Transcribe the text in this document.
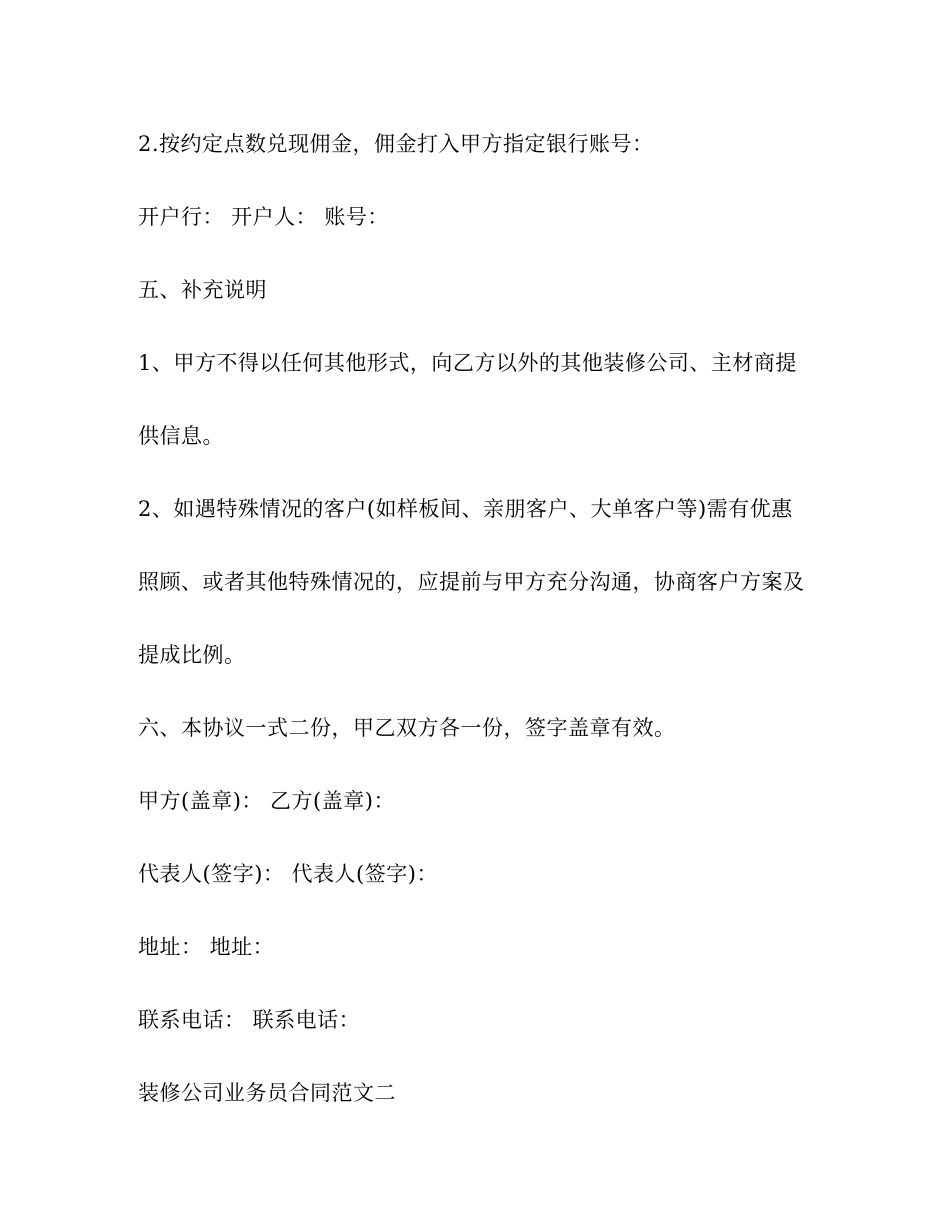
2.按约定点数兑现佣金，佣金打入甲方指定银行账号：
开户行： 开户人： 账号：
五、补充说明
1、甲方不得以任何其他形式，向乙方以外的其他装修公司、主材商提
供信息。
2、如遇特殊情况的客户(如样板间、亲朋客户、大单客户等)需有优惠
照顾、或者其他特殊情况的，应提前与甲方充分沟通，协商客户方案及
提成比例。
六、本协议一式二份，甲乙双方各一份，签字盖章有效。
甲方(盖章)： 乙方(盖章)：
代表人(签字)： 代表人(签字)：
地址： 地址：
联系电话： 联系电话：
装修公司业务员合同范文二
